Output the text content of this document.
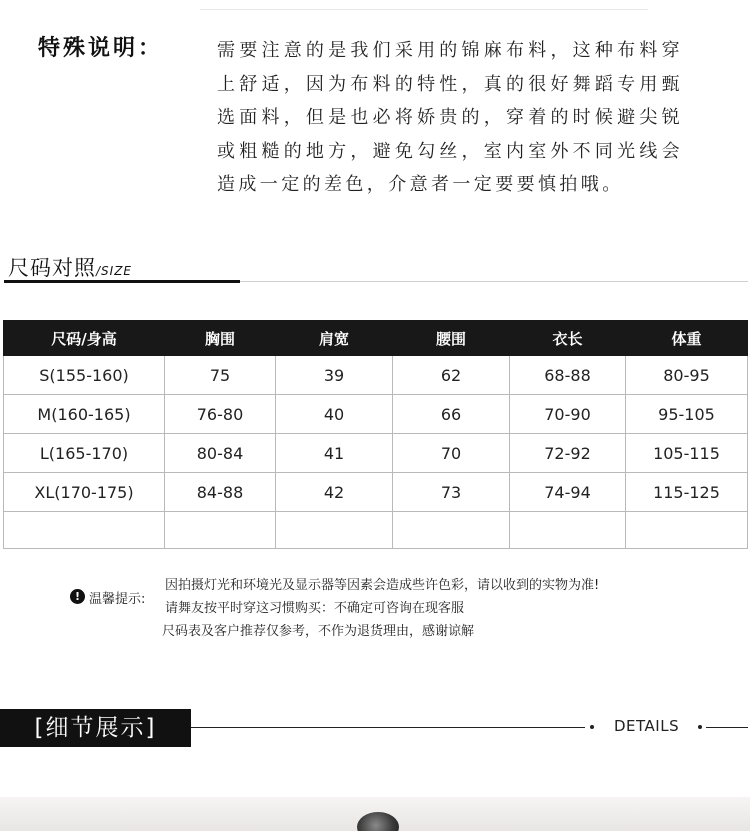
特殊说明：	需要注意的是我们采用的锦麻布料，这种布料穿上舒适，因为布料的特性，真的很好舞蹈专用甄选面料，但是也必将娇贵的，穿着的时候避尖锐或粗糙的地方，避免勾丝，室内室外不同光线会造成一定的差色，介意者一定要要慎拍哦。
尺码对照/SIZE
尺码/身高	胸围	肩宽	腰围	衣长	体重
S(155-160)	75	39	62	68-88	80-95
M(160-165)	76-80	40	66	70-90	95-105
L(165-170)	80-84	41	70	72-92	105-115
XL(170-175)	84-88	42	73	74-94	115-125

! 温馨提示:
因拍摄灯光和环境光及显示器等因素会造成些许色彩，请以收到的实物为准!
请舞友按平时穿这习惯购买：不确定可咨询在现客服
尺码表及客户推荐仅参考，不作为退货理由，感谢谅解
[细节展示]	DETAILS
